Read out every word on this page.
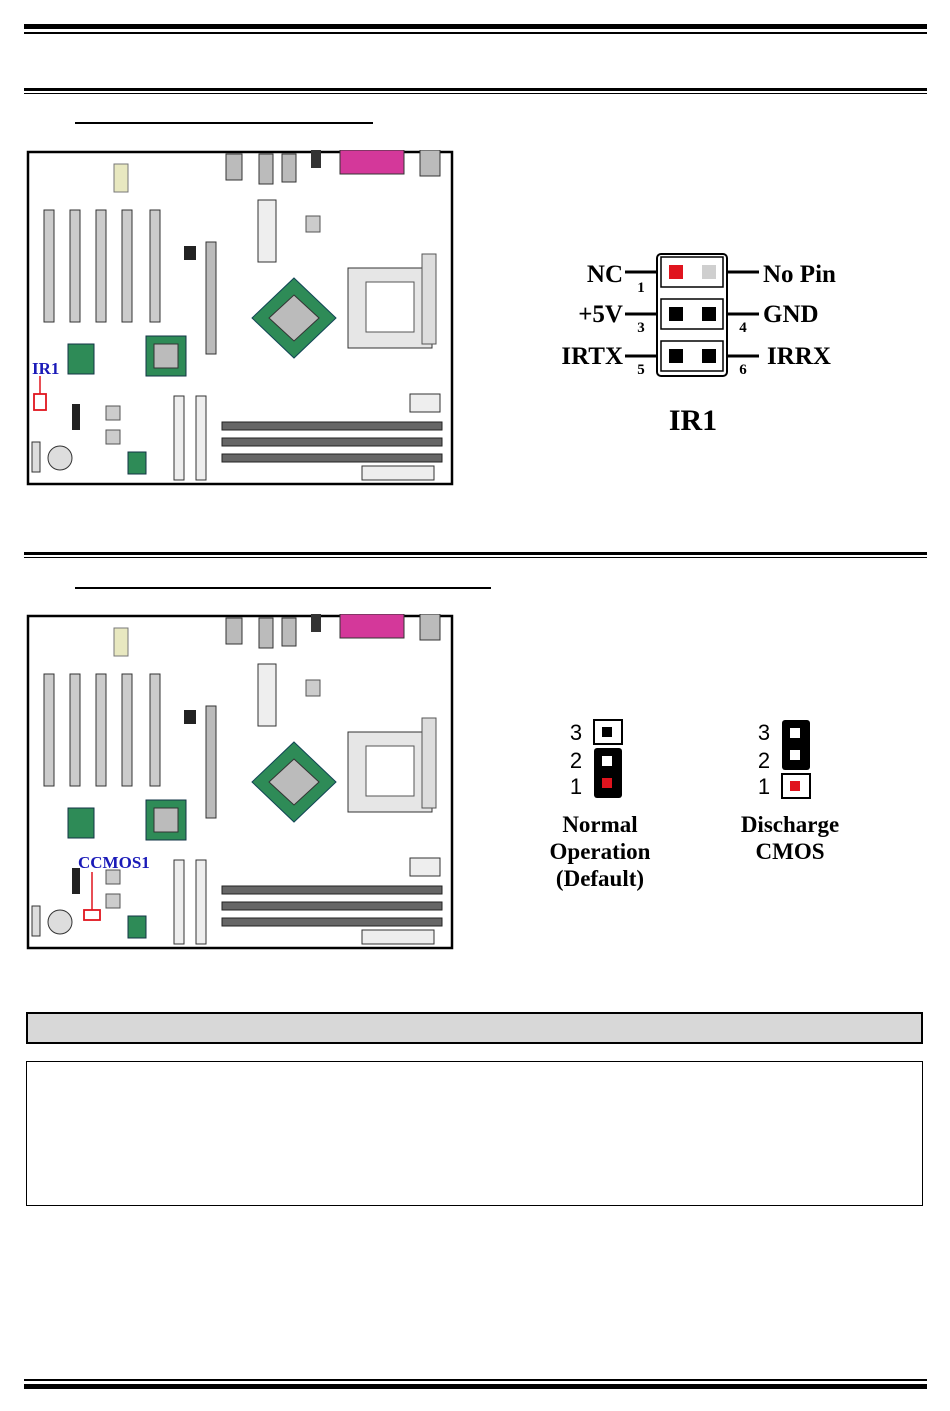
IR1
NC
+5V
IRTX
No Pin
GND
IRRX
1
3	4
5	6
IR1
CCMOS1
3
2
1
Normal
Operation
(Default)
3
2
1
Discharge
CMOS
